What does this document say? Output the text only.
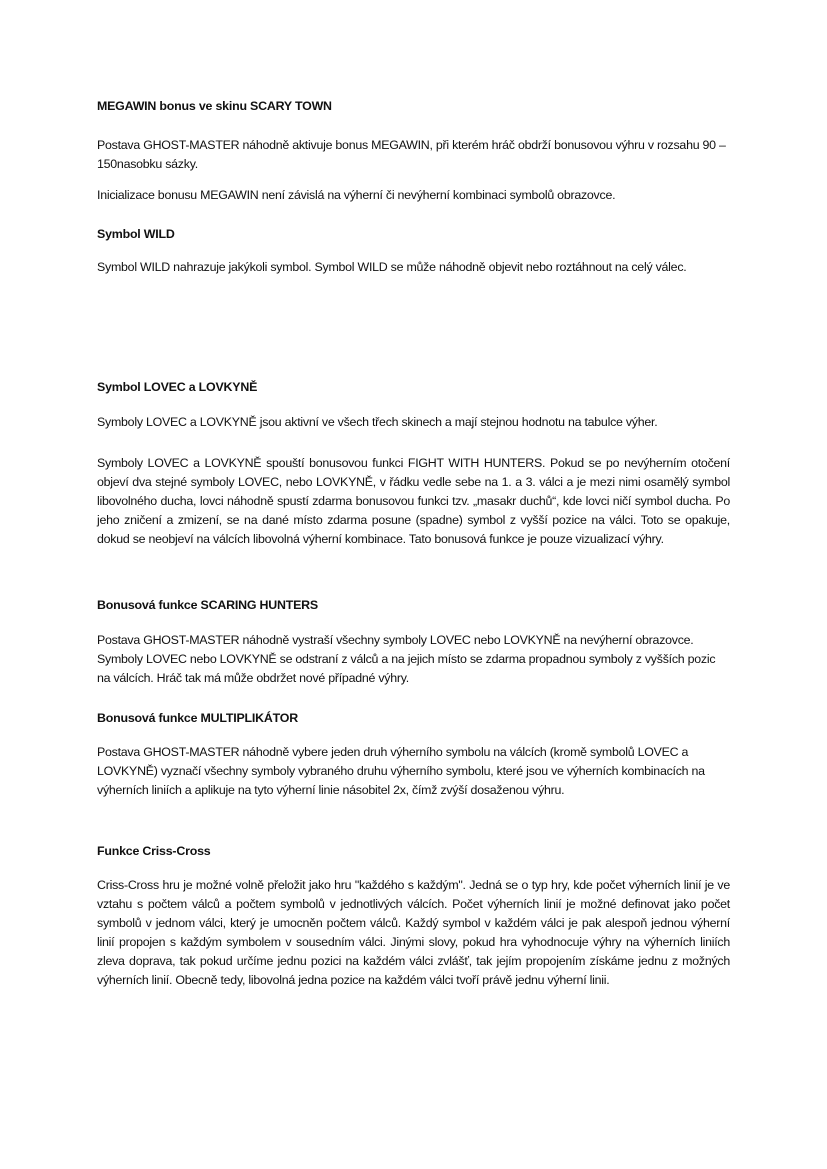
MEGAWIN bonus ve skinu SCARY TOWN

Postava GHOST-MASTER náhodně aktivuje bonus MEGAWIN, při kterém hráč obdrží bonusovou výhru v rozsahu 90 – 150nasobku sázky.

Inicializace bonusu MEGAWIN není závislá na výherní či nevýherní kombinaci symbolů obrazovce.

Symbol WILD

Symbol WILD nahrazuje jakýkoli symbol. Symbol WILD se může náhodně objevit nebo roztáhnout na celý válec.

Symbol LOVEC a LOVKYNĚ

Symboly LOVEC a LOVKYNĚ jsou aktivní ve všech třech skinech a mají stejnou hodnotu na tabulce výher.

Symboly LOVEC a LOVKYNĚ spouští bonusovou funkci FIGHT WITH HUNTERS. Pokud se po nevýherním otočení objeví dva stejné symboly LOVEC, nebo LOVKYNĚ, v řádku vedle sebe na 1. a 3. válci a je mezi nimi osamělý symbol libovolného ducha, lovci náhodně spustí zdarma bonusovou funkci tzv. „masakr duchů“, kde lovci ničí symbol ducha. Po jeho zničení a zmizení, se na dané místo zdarma posune (spadne) symbol z vyšší pozice na válci. Toto se opakuje, dokud se neobjeví na válcích libovolná výherní kombinace. Tato bonusová funkce je pouze vizualizací výhry.

Bonusová funkce SCARING HUNTERS

Postava GHOST-MASTER náhodně vystraší všechny symboly LOVEC nebo LOVKYNĚ na nevýherní obrazovce. Symboly LOVEC nebo LOVKYNĚ se odstraní z válců a na jejich místo se zdarma propadnou symboly z vyšších pozic na válcích. Hráč tak má může obdržet nové případné výhry.

Bonusová funkce MULTIPLIKÁTOR

Postava GHOST-MASTER náhodně vybere jeden druh výherního symbolu na válcích (kromě symbolů LOVEC a LOVKYNĚ) vyznačí všechny symboly vybraného druhu výherního symbolu, které jsou ve výherních kombinacích na výherních liniích a aplikuje na tyto výherní linie násobitel 2x, čímž zvýší dosaženou výhru.

Funkce Criss-Cross

Criss-Cross hru je možné volně přeložit jako hru "každého s každým". Jedná se o typ hry, kde počet výherních linií je ve vztahu s počtem válců a počtem symbolů v jednotlivých válcích. Počet výherních linií je možné definovat jako počet symbolů v jednom válci, který je umocněn počtem válců. Každý symbol v každém válci je pak alespoň jednou výherní linií propojen s každým symbolem v sousedním válci. Jinými slovy, pokud hra vyhodnocuje výhry na výherních liniích zleva doprava, tak pokud určíme jednu pozici na každém válci zvlášť, tak jejím propojením získáme jednu z možných výherních linií. Obecně tedy, libovolná jedna pozice na každém válci tvoří právě jednu výherní linii.
